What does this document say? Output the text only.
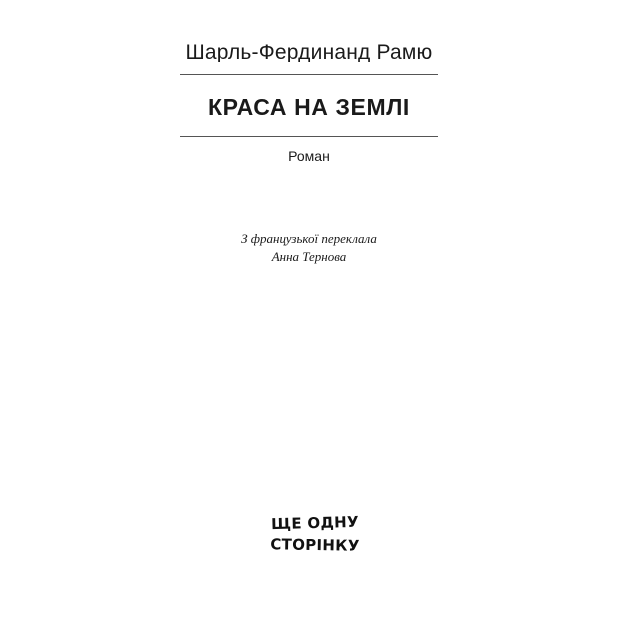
Шарль-Фердинанд Рамю
КРАСА НА ЗЕМЛІ
Роман
З французької переклала
Анна Тернова
ЩЕ ОДНУ
СТОРІНКУ
